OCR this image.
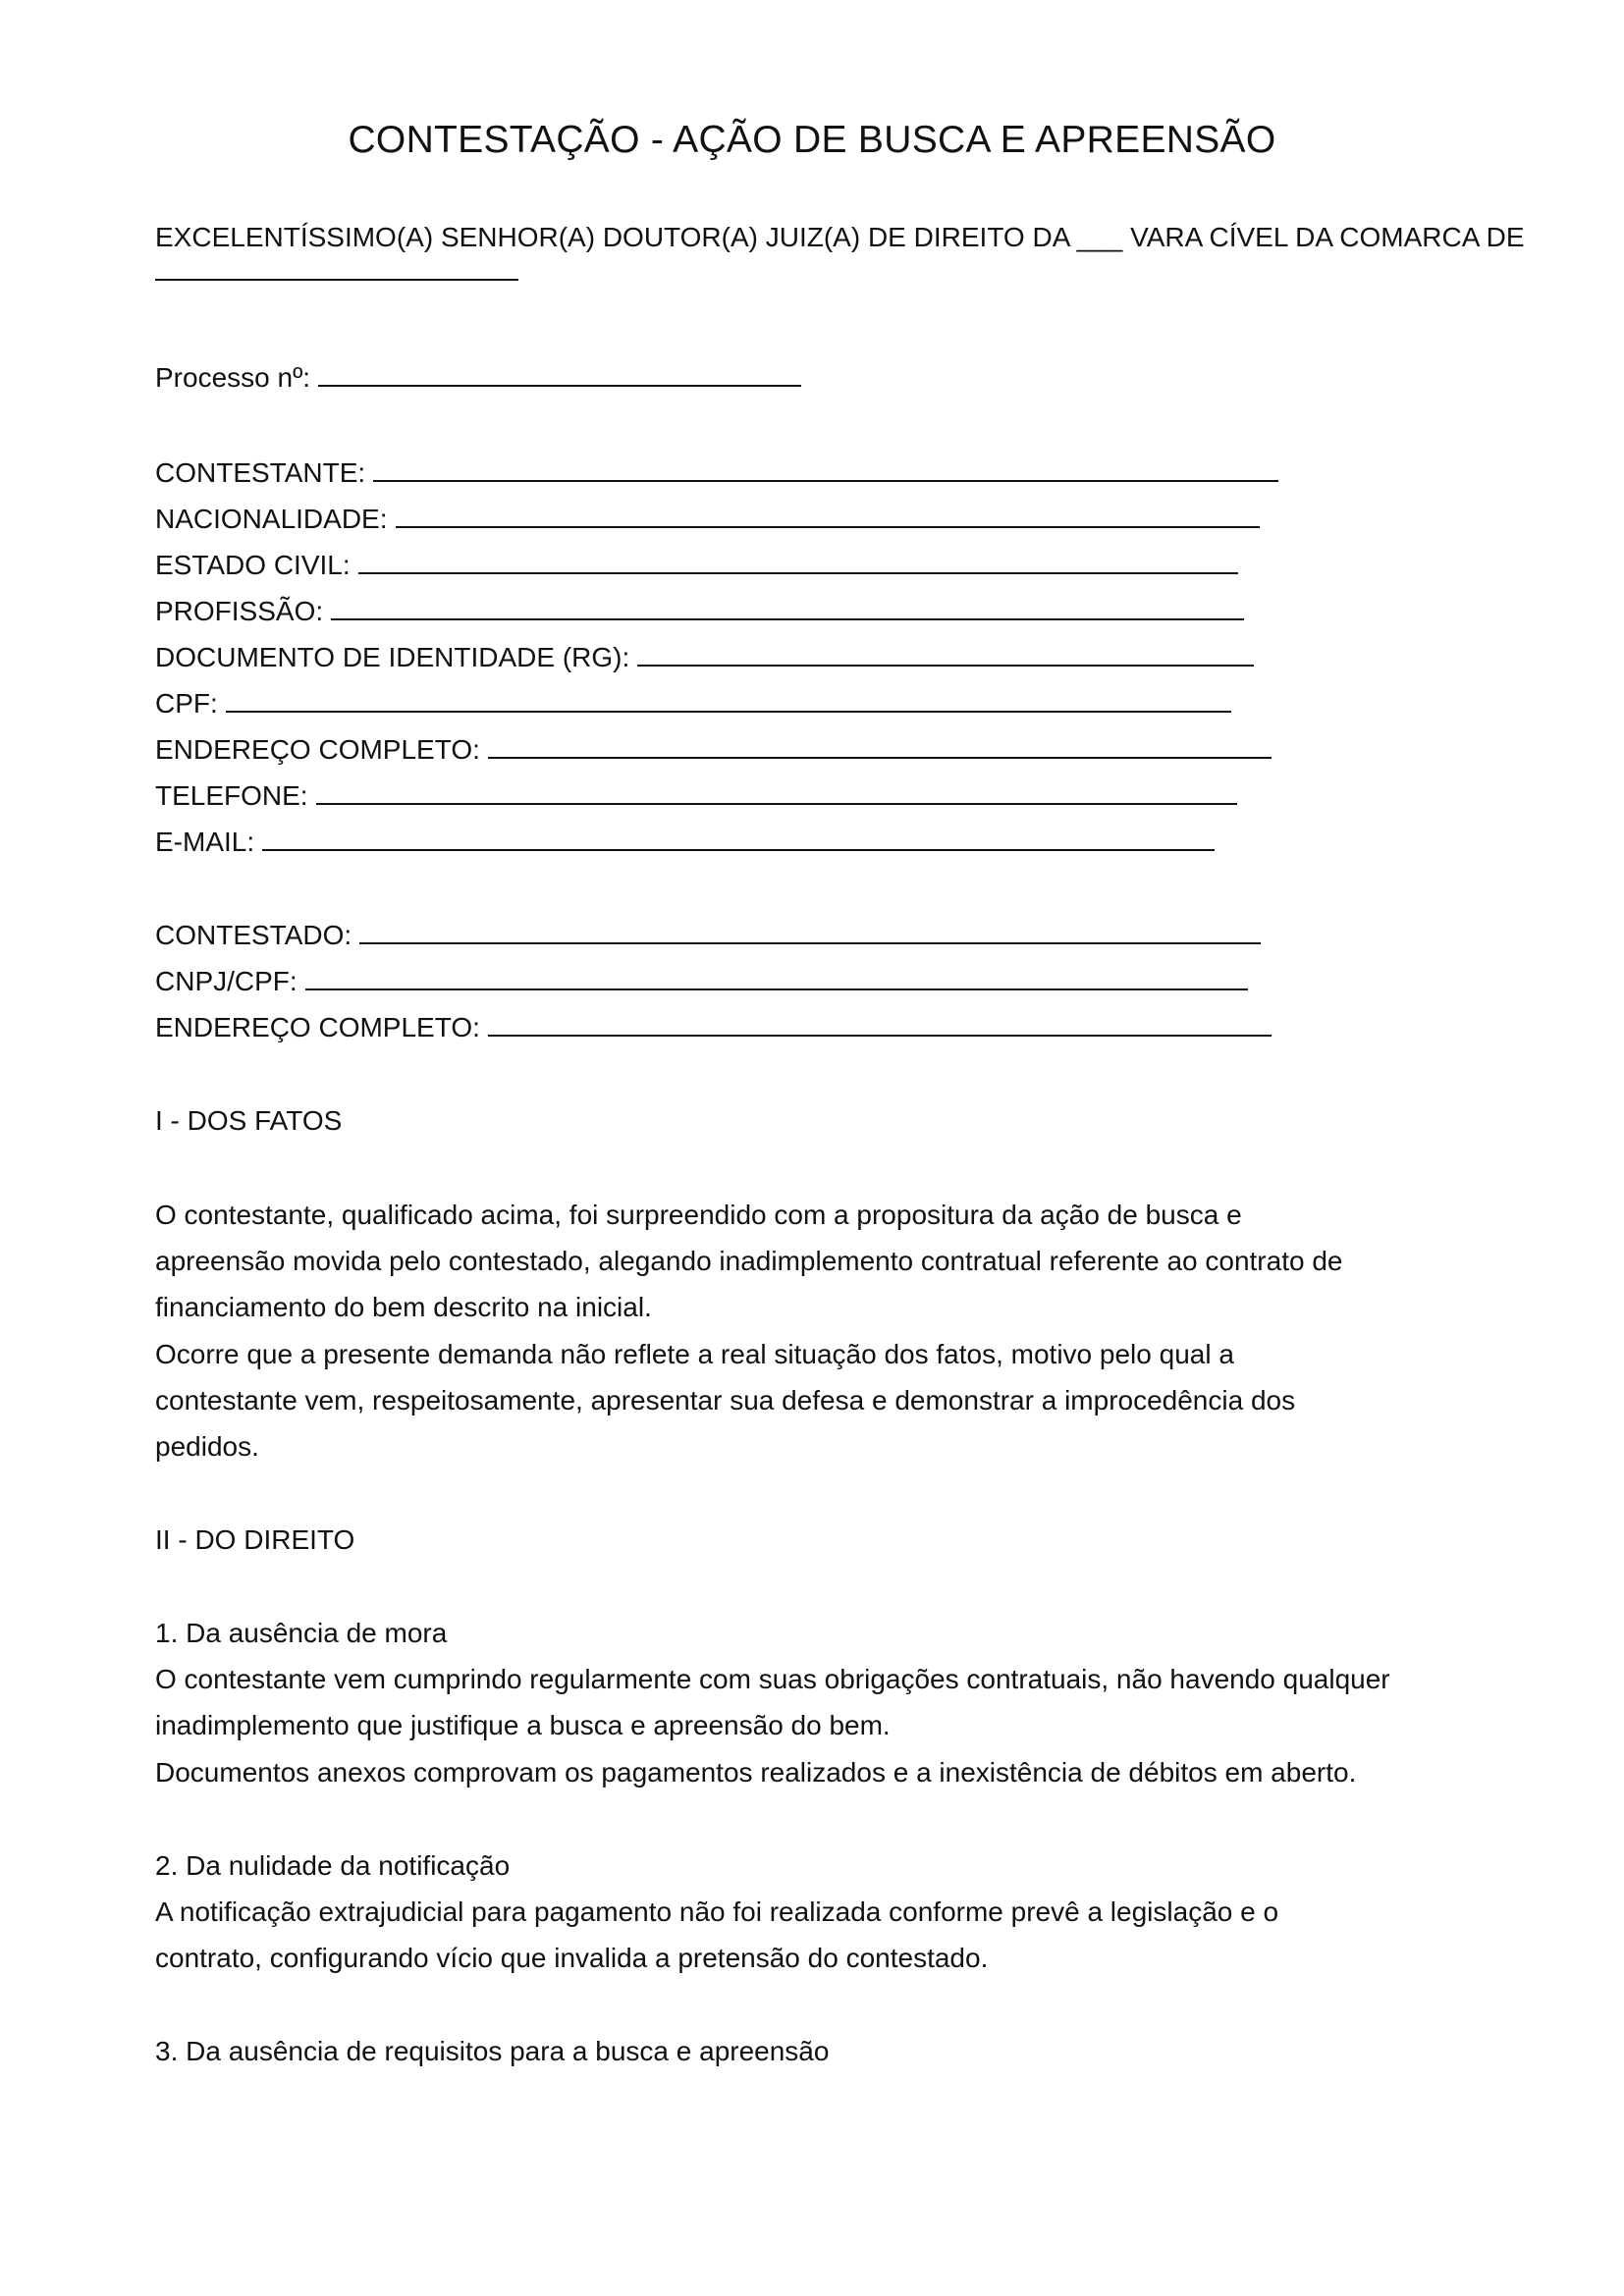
CONTESTAÇÃO - AÇÃO DE BUSCA E APREENSÃO
EXCELENTÍSSIMO(A) SENHOR(A) DOUTOR(A) JUIZ(A) DE DIREITO DA ___ VARA CÍVEL DA COMARCA DE
Processo nº:
CONTESTANTE:
NACIONALIDADE:
ESTADO CIVIL:
PROFISSÃO:
DOCUMENTO DE IDENTIDADE (RG):
CPF:
ENDEREÇO COMPLETO:
TELEFONE:
E-MAIL:
CONTESTADO:
CNPJ/CPF:
ENDEREÇO COMPLETO:
I - DOS FATOS
O contestante, qualificado acima, foi surpreendido com a propositura da ação de busca e
apreensão movida pelo contestado, alegando inadimplemento contratual referente ao contrato de
financiamento do bem descrito na inicial.
Ocorre que a presente demanda não reflete a real situação dos fatos, motivo pelo qual a
contestante vem, respeitosamente, apresentar sua defesa e demonstrar a improcedência dos
pedidos.
II - DO DIREITO
1. Da ausência de mora
O contestante vem cumprindo regularmente com suas obrigações contratuais, não havendo qualquer
inadimplemento que justifique a busca e apreensão do bem.
Documentos anexos comprovam os pagamentos realizados e a inexistência de débitos em aberto.
2. Da nulidade da notificação
A notificação extrajudicial para pagamento não foi realizada conforme prevê a legislação e o
contrato, configurando vício que invalida a pretensão do contestado.
3. Da ausência de requisitos para a busca e apreensão
